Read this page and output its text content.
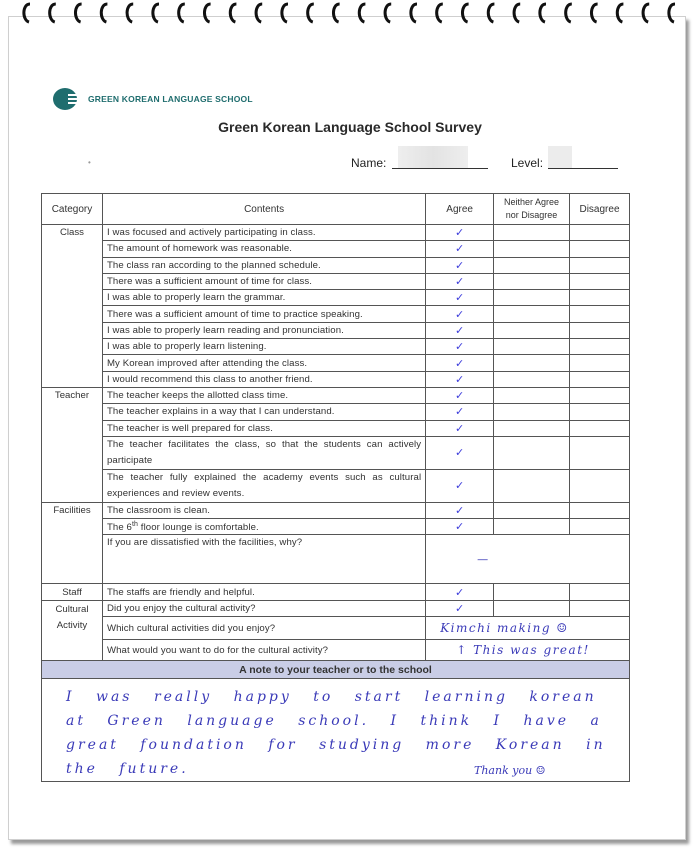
GREEN KOREAN LANGUAGE SCHOOL
Green Korean Language School Survey
•	Name:	Level:
Category	Contents	Agree	Neither Agree nor Disagree	Disagree
Class	I was focused and actively participating in class.	✓		
	The amount of homework was reasonable.	✓		
	The class ran according to the planned schedule.	✓		
	There was a sufficient amount of time for class.	✓		
	I was able to properly learn the grammar.	✓		
	There was a sufficient amount of time to practice speaking.	✓		
	I was able to properly learn reading and pronunciation.	✓		
	I was able to properly learn listening.	✓		
	My Korean improved after attending the class.	✓		
	I would recommend this class to another friend.	✓		
Teacher	The teacher keeps the allotted class time.	✓		
	The teacher explains in a way that I can understand.	✓		
	The teacher is well prepared for class.	✓		
	The teacher facilitates the class, so that the students can actively participate	✓		
	The teacher fully explained the academy events such as cultural experiences and review events.	✓		
Facilities	The classroom is clean.	✓		
	The 6th floor lounge is comfortable.	✓		
	If you are dissatisfied with the facilities, why?	—		
Staff	The staffs are friendly and helpful.	✓		
Cultural Activity	Did you enjoy the cultural activity?	✓		
	Which cultural activities did you enjoy?	Kimchi making ☺		
	What would you want to do for the cultural activity?	↑ This was great!		
A note to your teacher or to the school				

I was really happy to start learning korean at Green language school. I think I have a great foundation for studying more Korean in the future.					Thank you ☺
